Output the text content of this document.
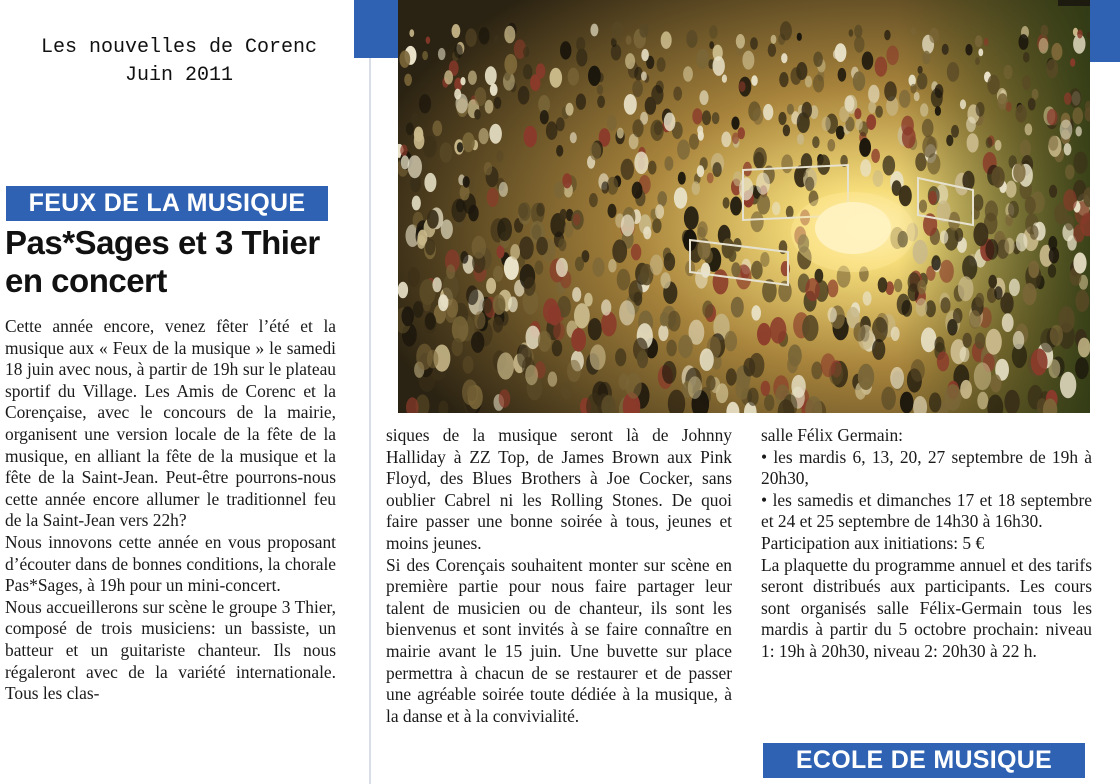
Les nouvelles de Corenc
Juin 2011
FEUX DE LA MUSIQUE
Pas*Sages et 3 Thier
en concert

Cette année encore, venez fêter l’été et la musique aux « Feux de la musique » le samedi 18 juin avec nous, à partir de 19h sur le plateau sportif du Village. Les Amis de Corenc et la Corençaise, avec le concours de la mairie, organisent une version locale de la fête de la musique, en alliant la fête de la musique et la fête de la Saint-Jean. Peut-être pourrons-nous cette année encore allumer le traditionnel feu de la Saint-Jean vers 22h?

Nous innovons cette année en vous proposant d’écouter dans de bonnes conditions, la chorale Pas*Sages, à 19h pour un mini-concert.

Nous accueillerons sur scène le groupe 3 Thier, composé de trois musiciens: un bassiste, un batteur et un guitariste chanteur. Ils nous régaleront avec de la variété internationale. Tous les clas-

siques de la musique seront là de Johnny Halliday à ZZ Top, de James Brown aux Pink Floyd, des Blues Brothers à Joe Cocker, sans oublier Cabrel ni les Rolling Stones. De quoi faire passer une bonne soirée à tous, jeunes et moins jeunes.

Si des Corençais souhaitent monter sur scène en première partie pour nous faire partager leur talent de musicien ou de chanteur, ils sont les bienvenus et sont invités à se faire connaître en mairie avant le 15 juin. Une buvette sur place permettra à chacun de se restaurer et de passer une agréable soirée toute dédiée à la musique, à la danse et à la convivialité.

salle Félix Germain:

• les mardis 6, 13, 20, 27 septembre de 19h à 20h30,

• les samedis et dimanches 17 et 18 septembre et 24 et 25 septembre de 14h30 à 16h30.

Participation aux initiations: 5 €

La plaquette du programme annuel et des tarifs seront distribués aux participants. Les cours sont organisés salle Félix-Germain tous les mardis à partir du 5 octobre prochain: niveau 1: 19h à 20h30, niveau 2: 20h30 à 22 h.

ECOLE DE MUSIQUE
